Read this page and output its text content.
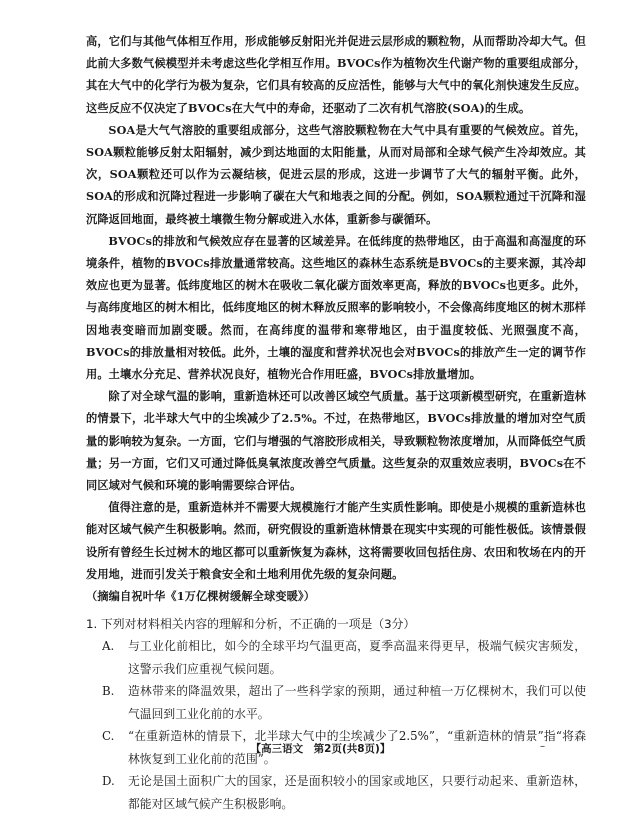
高，它们与其他气体相互作用，形成能够反射阳光并促进云层形成的颗粒物，从而帮助冷却大气。但此前大多数气候模型并未考虑这些化学相互作用。BVOCs作为植物次生代谢产物的重要组成部分，其在大气中的化学行为极为复杂，它们具有较高的反应活性，能够与大气中的氧化剂快速发生反应。这些反应不仅决定了BVOCs在大气中的寿命，还驱动了二次有机气溶胶(SOA)的生成。

SOA是大气气溶胶的重要组成部分，这些气溶胶颗粒物在大气中具有重要的气候效应。首先，SOA颗粒能够反射太阳辐射，减少到达地面的太阳能量，从而对局部和全球气候产生冷却效应。其次，SOA颗粒还可以作为云凝结核，促进云层的形成，这进一步调节了大气的辐射平衡。此外，SOA的形成和沉降过程进一步影响了碳在大气和地表之间的分配。例如，SOA颗粒通过干沉降和湿沉降返回地面，最终被土壤微生物分解或进入水体，重新参与碳循环。

BVOCs的排放和气候效应存在显著的区域差异。在低纬度的热带地区，由于高温和高湿度的环境条件，植物的BVOCs排放量通常较高。这些地区的森林生态系统是BVOCs的主要来源，其冷却效应也更为显著。低纬度地区的树木在吸收二氧化碳方面效率更高，释放的BVOCs也更多。此外，与高纬度地区的树木相比，低纬度地区的树木释放反照率的影响较小，不会像高纬度地区的树木那样因地表变暗而加剧变暖。然而，在高纬度的温带和寒带地区，由于温度较低、光照强度不高，BVOCs的排放量相对较低。此外，土壤的湿度和营养状况也会对BVOCs的排放产生一定的调节作用。土壤水分充足、营养状况良好，植物光合作用旺盛，BVOCs排放量增加。

除了对全球气温的影响，重新造林还可以改善区域空气质量。基于这项新模型研究，在重新造林的情景下，北半球大气中的尘埃减少了2.5%。不过，在热带地区，BVOCs排放量的增加对空气质量的影响较为复杂。一方面，它们与增强的气溶胶形成相关，导致颗粒物浓度增加，从而降低空气质量；另一方面，它们又可通过降低臭氧浓度改善空气质量。这些复杂的双重效应表明，BVOCs在不同区域对气候和环境的影响需要综合评估。

值得注意的是，重新造林并不需要大规模施行才能产生实质性影响。即使是小规模的重新造林也能对区域气候产生积极影响。然而，研究假设的重新造林情景在现实中实现的可能性极低。该情景假设所有曾经生长过树木的地区都可以重新恢复为森林，这将需要收回包括住房、农田和牧场在内的开发用地，进而引发关于粮食安全和土地利用优先级的复杂问题。

（摘编自祝叶华《1万亿棵树缓解全球变暖》）

1. 下列对材料相关内容的理解和分析，不正确的一项是（3分）

A.	与工业化前相比，如今的全球平均气温更高，夏季高温来得更早，极端气候灾害频发，这警示我们应重视气候问题。
B.	造林带来的降温效果，超出了一些科学家的预期，通过种植一万亿棵树木，我们可以使气温回到工业化前的水平。
C.	“在重新造林的情景下，北半球大气中的尘埃减少了2.5%”，“重新造林的情景”指“将森林恢复到工业化前的范围”。
D.	无论是国土面积广大的国家，还是面积较小的国家或地区，只要行动起来、重新造林，都能对区域气候产生积极影响。
【高三语文　第2页(共8页)】	–
